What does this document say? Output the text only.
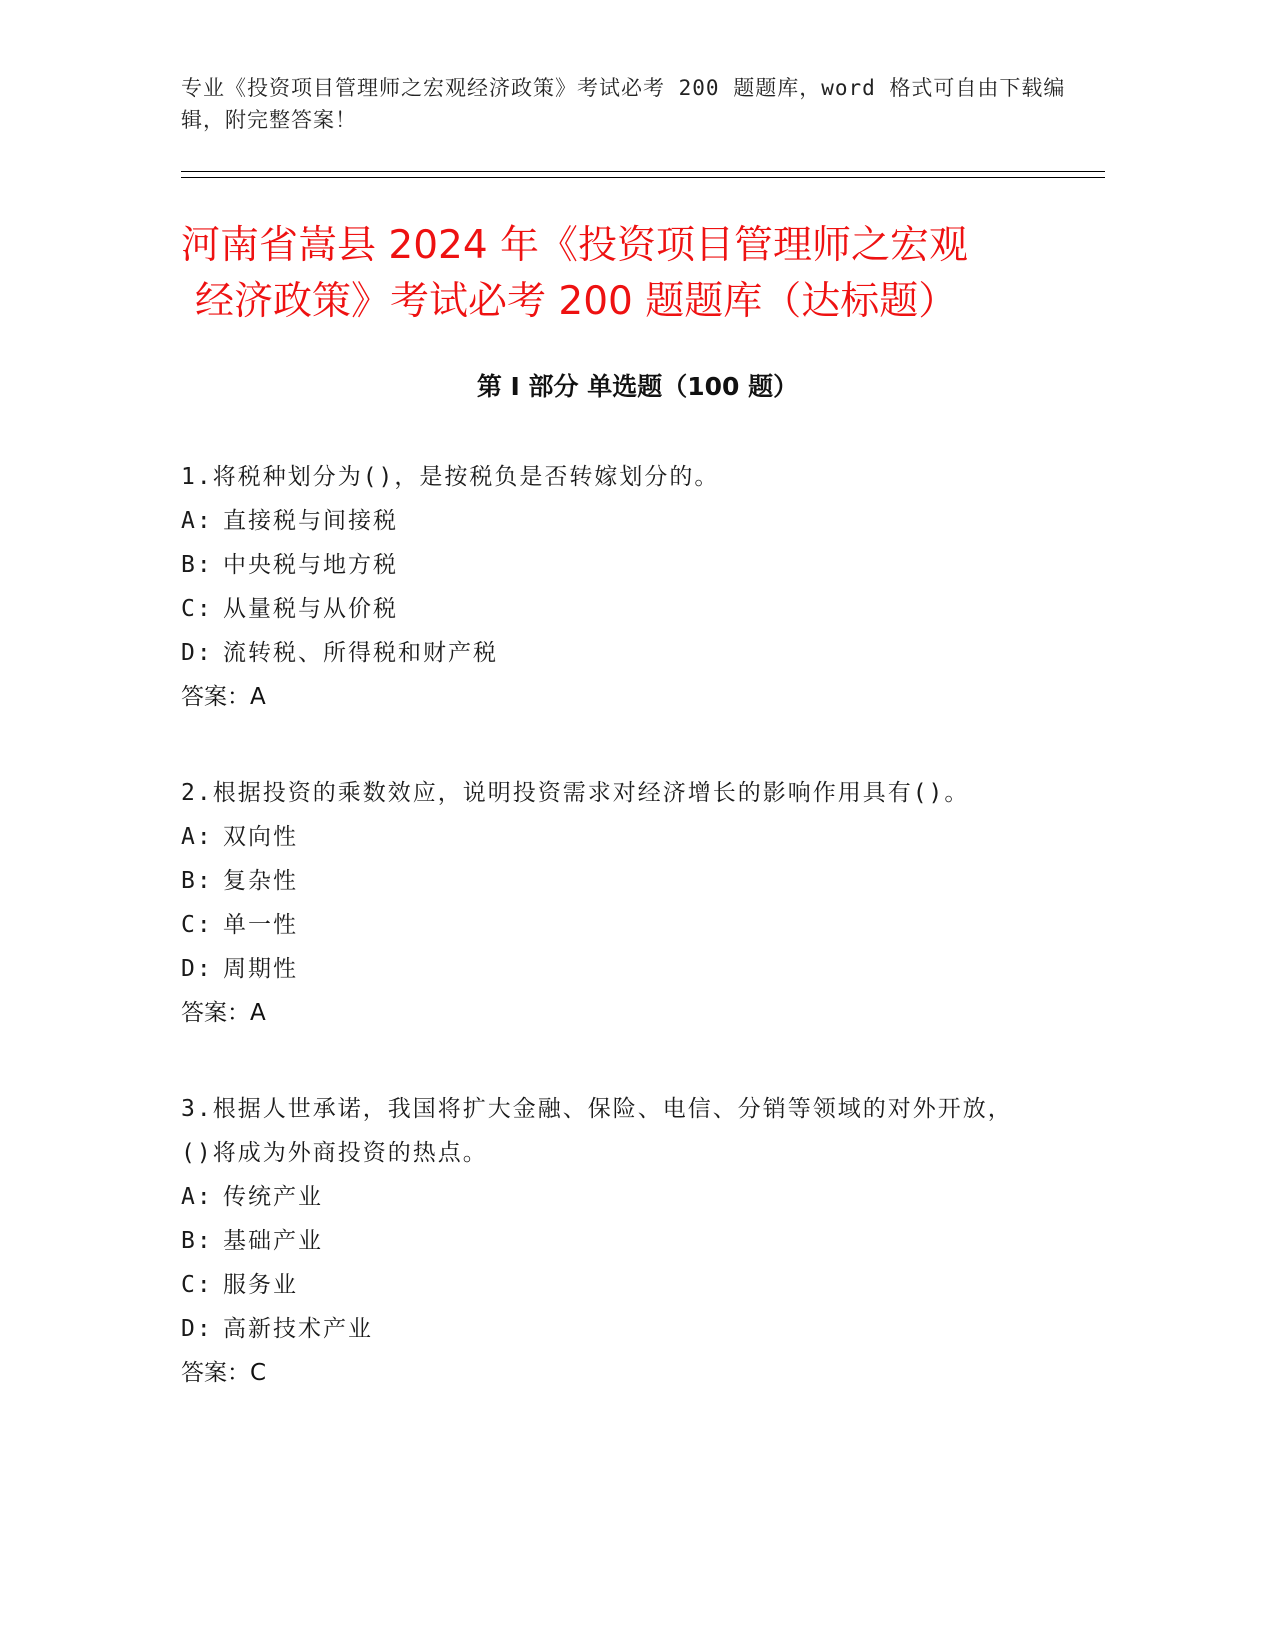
专业《投资项目管理师之宏观经济政策》考试必考 200 题题库，word 格式可自由下载编辑，附完整答案！
河南省嵩县 2024 年《投资项目管理师之宏观
经济政策》考试必考 200 题题库（达标题）
第 I 部分 单选题（100 题）
1.将税种划分为()，是按税负是否转嫁划分的。
A: 直接税与间接税
B: 中央税与地方税
C: 从量税与从价税
D: 流转税、所得税和财产税
答案：A
2.根据投资的乘数效应，说明投资需求对经济增长的影响作用具有()。
A: 双向性
B: 复杂性
C: 单一性
D: 周期性
答案：A
3.根据人世承诺，我国将扩大金融、保险、电信、分销等领域的对外开放，()将成为外商投资的热点。
A: 传统产业
B: 基础产业
C: 服务业
D: 高新技术产业
答案：C
